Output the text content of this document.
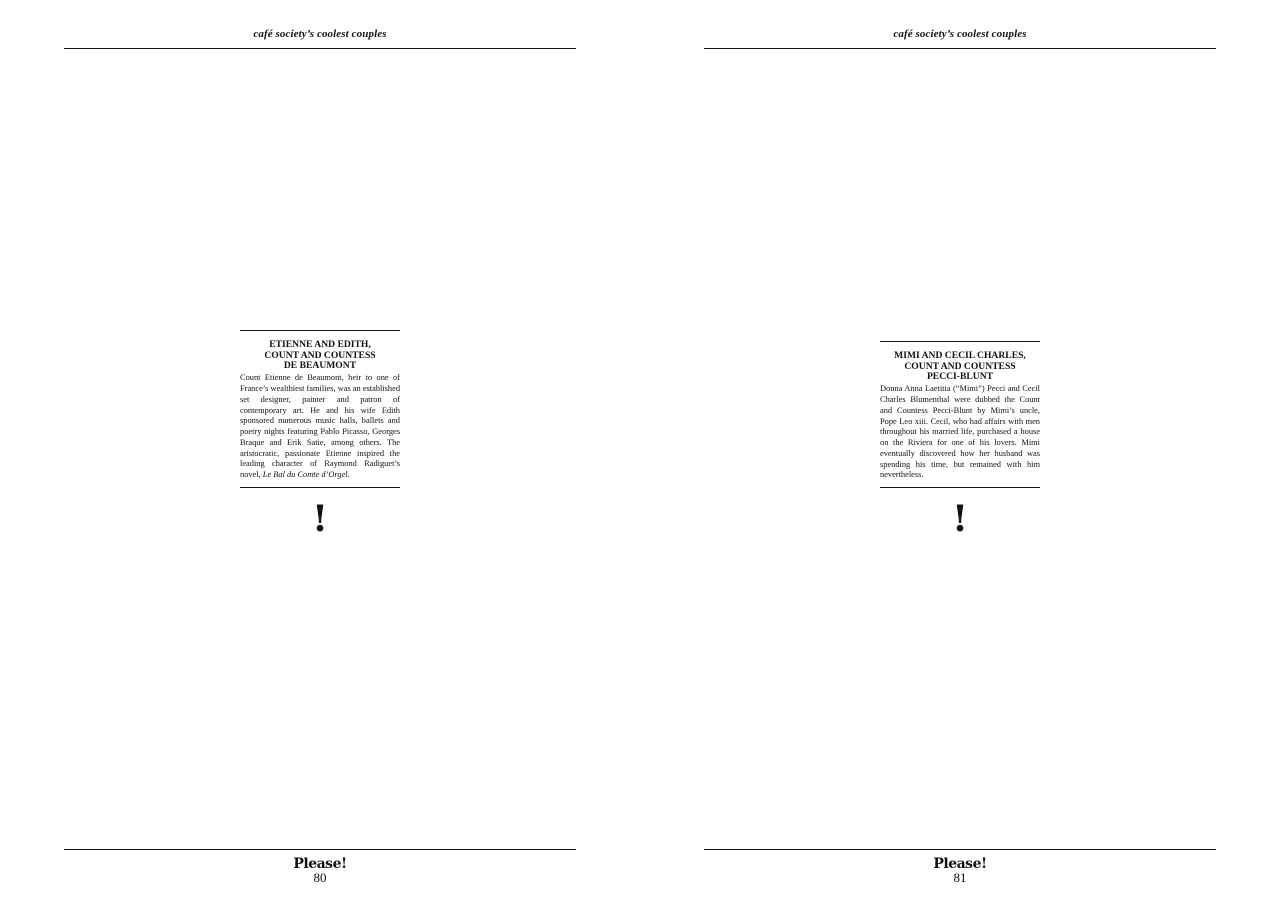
café society’s coolest couples
ETIENNE AND EDITH,
COUNT AND COUNTESS
DE BEAUMONT
Count Etienne de Beaumont, heir to one of France’s wealthiest families, was an established set designer, painter and patron of contemporary art. He and his wife Edith sponsored numerous music halls, ballets and poetry nights featuring Pablo Picasso, Georges Braque and Erik Satie, among others. The aristocratic, passionate Etienne inspired the leading character of Raymond Radiguet’s novel, Le Bal du Comte d’Orgel.
!
Please!
80
café society’s coolest couples
MIMI AND CECIL CHARLES,
COUNT AND COUNTESS
PECCI-BLUNT
Donna Anna Laetitia (“Mimi”) Pecci and Cecil Charles Blumenthal were dubbed the Count and Countess Pecci-Blunt by Mimi’s uncle, Pope Leo xiii. Cecil, who had affairs with men throughout his married life, purchased a house on the Riviera for one of his lovers. Mimi eventually discovered how her husband was spending his time, but remained with him nevertheless.
!
Please!
81
